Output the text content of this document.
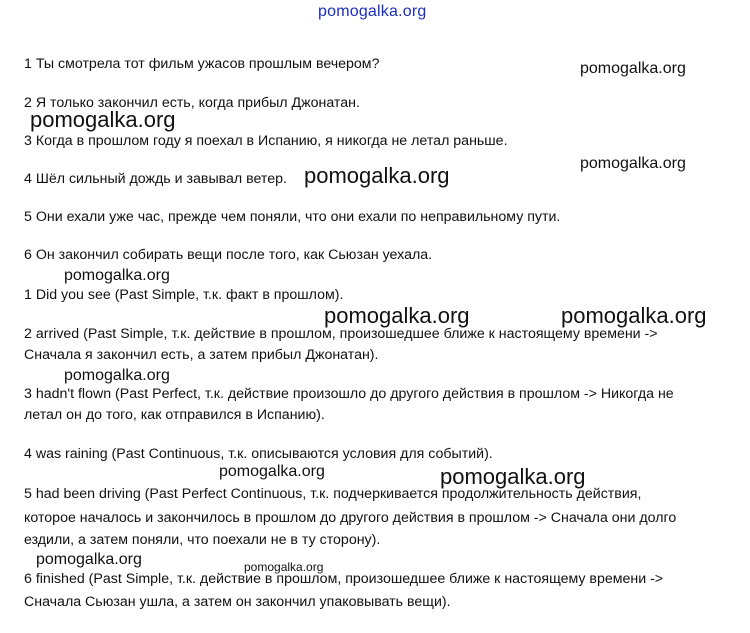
pomogalka.org
1 Ты смотрела тот фильм ужасов прошлым вечером?
2 Я только закончил есть, когда прибыл Джонатан.
3 Когда в прошлом году я поехал в Испанию, я никогда не летал раньше.
4 Шёл сильный дождь и завывал ветер.
5 Они ехали уже час, прежде чем поняли, что они ехали по неправильному пути.
6 Он закончил собирать вещи после того, как Сьюзан уехала.
1 Did you see (Past Simple, т.к. факт в прошлом).
2 arrived (Past Simple, т.к. действие в прошлом, произошедшее ближе к настоящему времени ->
Сначала я закончил есть, а затем прибыл Джонатан).
3 hadn't flown (Past Perfect, т.к. действие произошло до другого действия в прошлом -> Никогда не
летал он до того, как отправился в Испанию).
4 was raining (Past Continuous, т.к. описываются условия для событий).
5 had been driving (Past Perfect Continuous, т.к. подчеркивается продолжительность действия,
которое началось и закончилось в прошлом до другого действия в прошлом -> Сначала они долго
ездили, а затем поняли, что поехали не в ту сторону).
6 finished (Past Simple, т.к. действие в прошлом, произошедшее ближе к настоящему времени ->
Сначала Сьюзан ушла, а затем он закончил упаковывать вещи).
pomogalka.org
pomogalka.org
pomogalka.org
pomogalka.org
pomogalka.org
pomogalka.org	pomogalka.org
pomogalka.org
pomogalka.org	pomogalka.org
pomogalka.org	pomogalka.org
